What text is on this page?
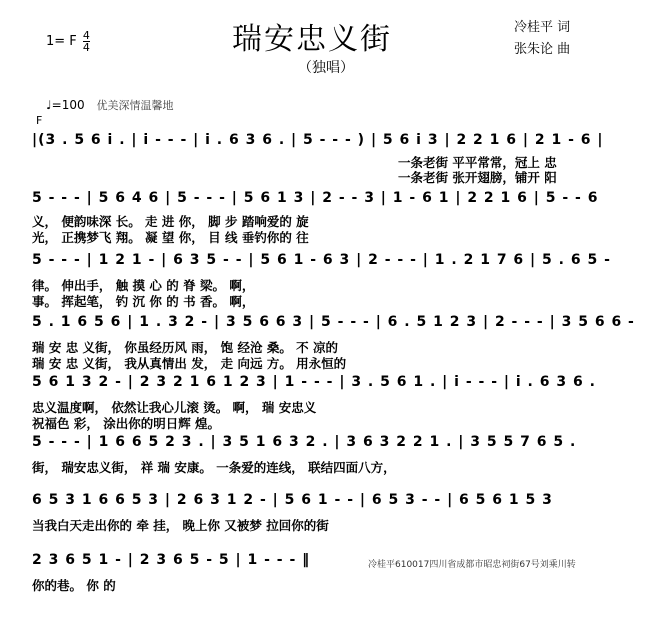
瑞安忠义街
（独唱）
1= F $\frac{4}{4}$
冷桂平 词
张朱论 曲
♩=100 优美深情温馨地
F
|(3 . 5 6 i . | i - - - | i . 6 3 6 . | 5 - - - ) | 5 6 i 3 | 2 2 1 6 | 2 1 - 6 |
一条老街 平平常常，冠上 忠
一条老街 张开翅膀，铺开 阳
5 - - - | 5 6 4 6 | 5 - - - | 5 6 1 3 | 2 - - 3 | 1 - 6 1 | 2 2 1 6 | 5 - - 6
义， 便韵味深 长。 走 进 你， 脚 步 踏响爱的 旋
光， 正携梦飞 翔。 凝 望 你， 目 线 垂钓你的 往
5 - - - | 1 2 1 - | 6 3 5 - - | 5 6 1 - 6 3 | 2 - - - | 1 . 2 1 7 6 | 5 . 6 5 -
律。 伸出手， 触 摸 心 的 脊 梁。 啊，
事。 挥起笔， 钓 沉 你 的 书 香。 啊，
5 . 1 6 5 6 | 1 . 3 2 - | 3 5 6 6 3 | 5 - - - | 6 . 5 1 2 3 | 2 - - - | 3 5 6 6 -
瑞 安 忠 义街， 你虽经历风 雨， 饱 经沧 桑。 不 凉的
瑞 安 忠 义街， 我从真情出 发， 走 向远 方。 用永恒的
5 6 1 3 2 - | 2 3 2 1 6 1 2 3 | 1 - - - | 3 . 5 6 1 . | i - - - | i . 6 3 6 .
忠义温度啊， 依然让我心儿滚 烫。 啊， 瑞 安忠义
祝福色 彩， 涂出你的明日辉 煌。
5 - - - | 1 6 6 5 2 3 . | 3 5 1 6 3 2 . | 3 6 3 2 2 1 . | 3 5 5 7 6 5 .
街， 瑞安忠义街， 祥 瑞 安康。 一条爱的连线， 联结四面八方，
6 5 3 1 6 6 5 3 | 2 6 3 1 2 - | 5 6 1 - - | 6 5 3 - - | 6 5 6 1 5 3
当我白天走出你的 牵 挂， 晚上你 又被梦 拉回你的街
2 3 6 5 1 - | 2 3 6 5 - 5 | 1 - - - ‖
你的巷。 你 的
冷桂平610017四川省成都市昭忠祠街67号刘乘川转
